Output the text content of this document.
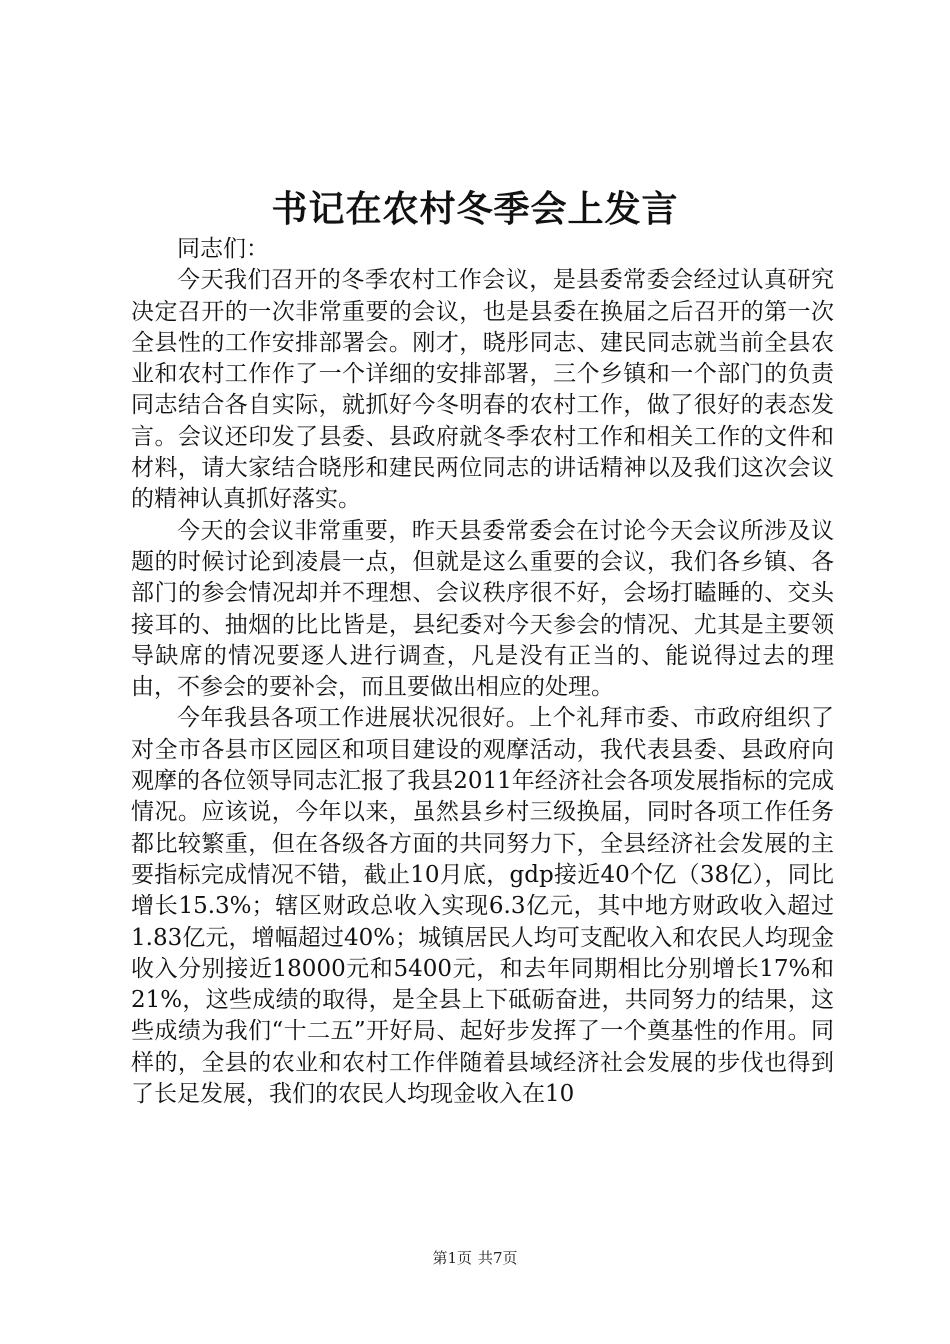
书记在农村冬季会上发言

同志们：

今天我们召开的冬季农村工作会议，是县委常委会经过认真研究决定召开的一次非常重要的会议，也是县委在换届之后召开的第一次全县性的工作安排部署会。刚才，晓彤同志、建民同志就当前全县农业和农村工作作了一个详细的安排部署，三个乡镇和一个部门的负责同志结合各自实际，就抓好今冬明春的农村工作，做了很好的表态发言。会议还印发了县委、县政府就冬季农村工作和相关工作的文件和材料，请大家结合晓彤和建民两位同志的讲话精神以及我们这次会议的精神认真抓好落实。

今天的会议非常重要，昨天县委常委会在讨论今天会议所涉及议题的时候讨论到凌晨一点，但就是这么重要的会议，我们各乡镇、各部门的参会情况却并不理想、会议秩序很不好，会场打瞌睡的、交头接耳的、抽烟的比比皆是，县纪委对今天参会的情况、尤其是主要领导缺席的情况要逐人进行调查，凡是没有正当的、能说得过去的理由，不参会的要补会，而且要做出相应的处理。

今年我县各项工作进展状况很好。上个礼拜市委、市政府组织了对全市各县市区园区和项目建设的观摩活动，我代表县委、县政府向观摩的各位领导同志汇报了我县2011年经济社会各项发展指标的完成情况。应该说，今年以来，虽然县乡村三级换届，同时各项工作任务都比较繁重，但在各级各方面的共同努力下，全县经济社会发展的主要指标完成情况不错，截止10月底，gdp接近40个亿（38亿），同比增长15.3%；辖区财政总收入实现6.3亿元，其中地方财政收入超过1.83亿元，增幅超过40%；城镇居民人均可支配收入和农民人均现金收入分别接近18000元和5400元，和去年同期相比分别增长17%和21%，这些成绩的取得，是全县上下砥砺奋进，共同努力的结果，这些成绩为我们“十二五”开好局、起好步发挥了一个奠基性的作用。同样的，全县的农业和农村工作伴随着县域经济社会发展的步伐也得到了长足发展，我们的农民人均现金收入在10

第1页 共7页
